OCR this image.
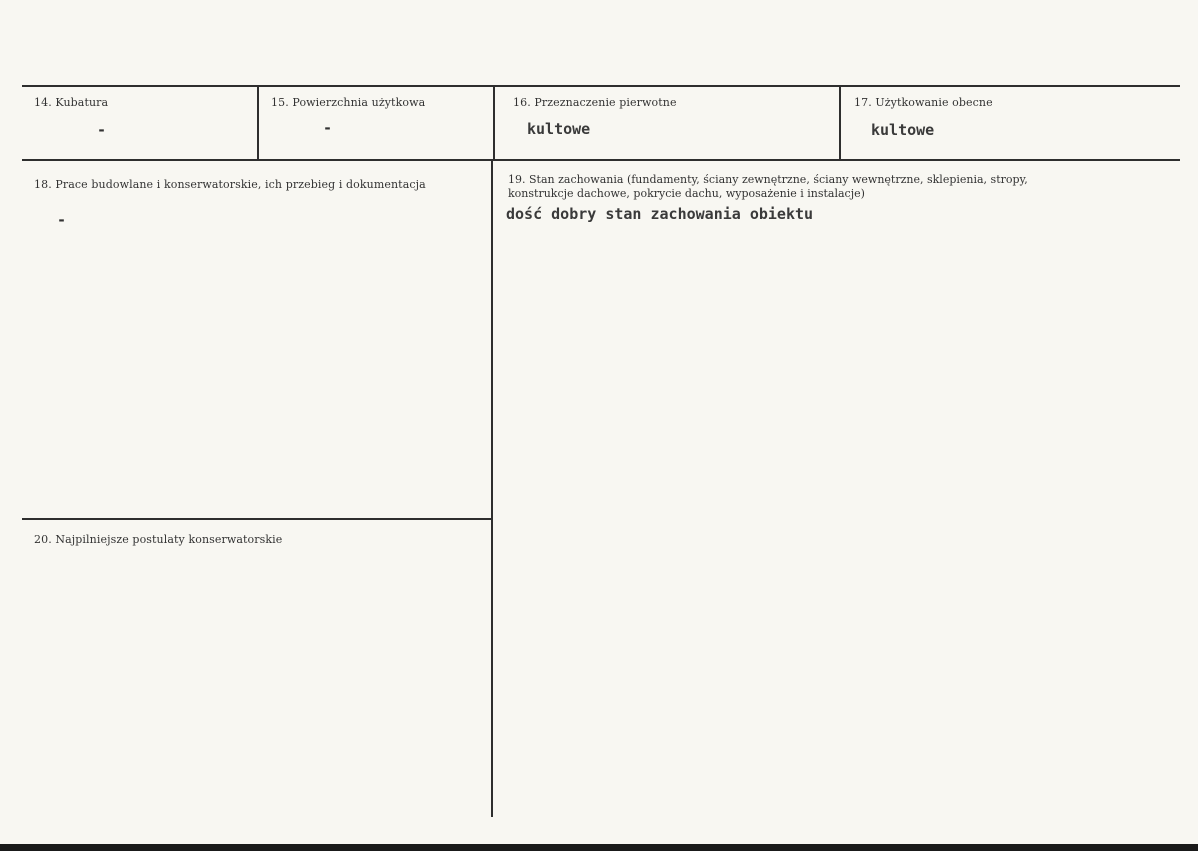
14. Kubatura
-
15. Powierzchnia użytkowa
-
16. Przeznaczenie pierwotne
kultowe
17. Użytkowanie obecne
kultowe
18. Prace budowlane i konserwatorskie, ich przebieg i dokumentacja
-
19. Stan zachowania (fundamenty, ściany zewnętrzne, ściany wewnętrzne, sklepienia, stropy, konstrukcje dachowe, pokrycie dachu, wyposażenie i instalacje)
dość dobry stan zachowania obiektu
20. Najpilniejsze postulaty konserwatorskie
